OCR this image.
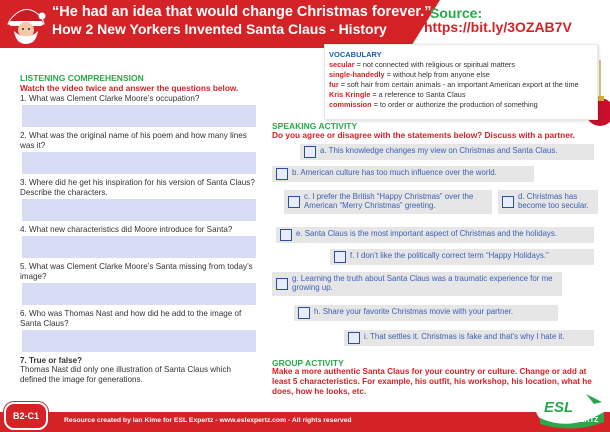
“He had an idea that would change Christmas forever.”
How 2 New Yorkers Invented Santa Claus - History
Source:
https://bit.ly/3OZAB7V
VOCABULARY
secular = not connected with religious or spiritual matters
single-handedly = without help from anyone else
fur = soft hair from certain animals - an important American export at the time
Kris Kringle = a reference to Santa Claus
commission = to order or authorize the production of something
LISTENING COMPREHENSION
Watch the video twice and answer the questions below.
1. What was Clement Clarke Moore’s occupation?
2. What was the original name of his poem and how many lines was it?
3. Where did he get his inspiration for his version of Santa Claus? Describe the characters.
4. What new characteristics did Moore introduce for Santa?
5. What was Clement Clarke Moore’s Santa missing from today’s image?
6. Who was Thomas Nast and how did he add to the image of Santa Claus?
7. True or false?
Thomas Nast did only one illustration of Santa Claus which defined the image for generations.
SPEAKING ACTIVITY
Do you agree or disagree with the statements below? Discuss with a partner.
a. This knowledge changes my view on Christmas and Santa Claus.
b. American culture has too much influence over the world.
c. I prefer the British “Happy Christmas” over the American “Merry Christmas” greeting.
d. Christmas has become too secular.
e. Santa Claus is the most important aspect of Christmas and the holidays.
f. I don’t like the politically correct term “Happy Holidays.”
g. Learning the truth about Santa Claus was a traumatic experience for me growing up.
h. Share your favorite Christmas movie with your partner.
i. That settles it. Christmas is fake and that’s why I hate it.
GROUP ACTIVITY
Make a more authentic Santa Claus for your country or culture. Change or add at least 5 characteristics. For example, his outfit, his workshop, his location, what he does, how he looks, etc.
Resource created by Ian Kime for ESL Expertz - www.eslexpertz.com - All rights reserved
B2-C1	ESL
EXPERTZ
